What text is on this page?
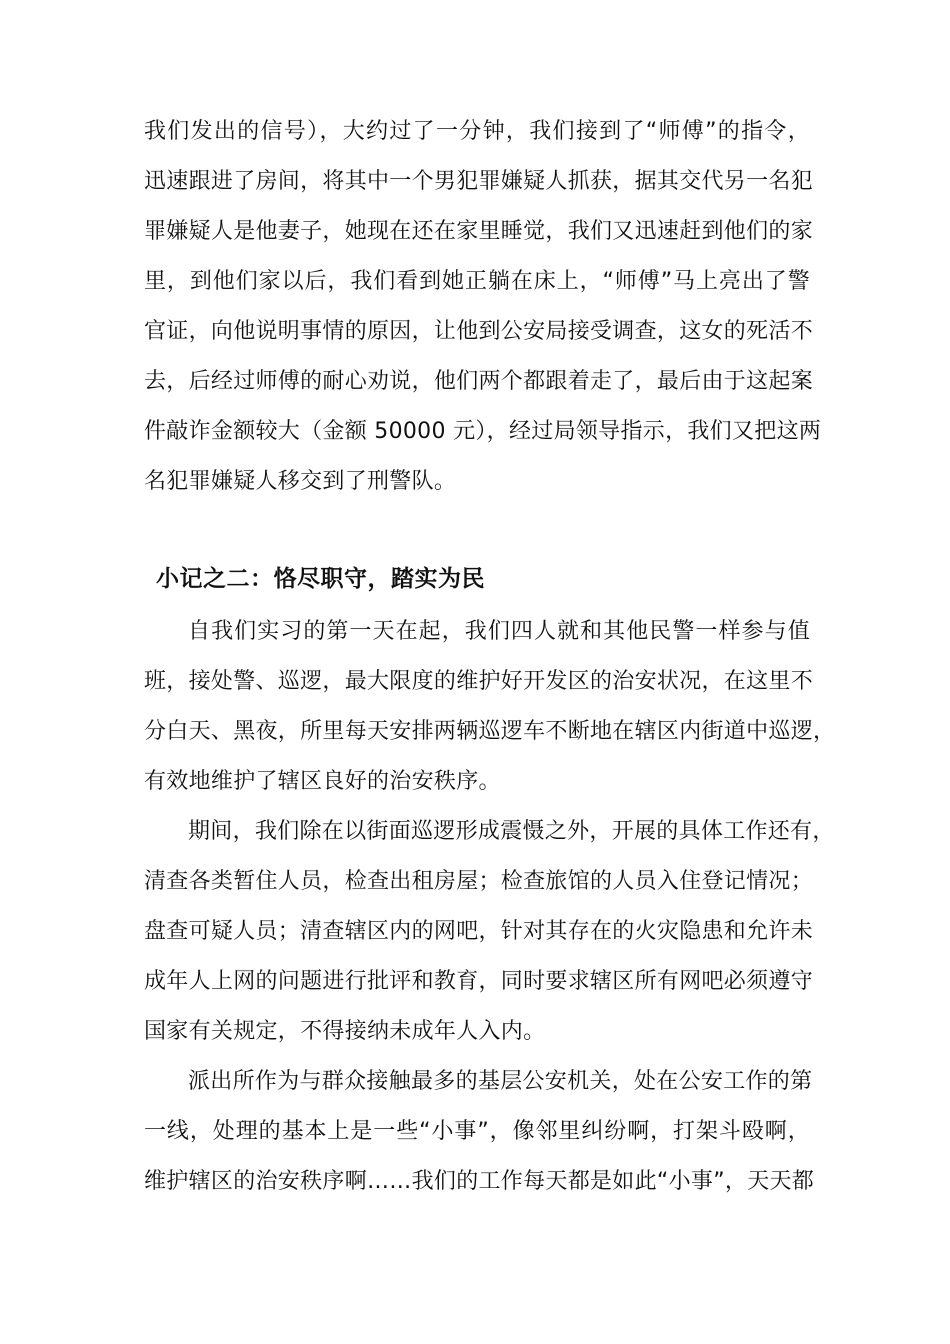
我们发出的信号），大约过了一分钟，我们接到了“师傅”的指令，
迅速跟进了房间，将其中一个男犯罪嫌疑人抓获，据其交代另一名犯
罪嫌疑人是他妻子，她现在还在家里睡觉，我们又迅速赶到他们的家
里，到他们家以后，我们看到她正躺在床上，“师傅”马上亮出了警
官证，向他说明事情的原因，让他到公安局接受调查，这女的死活不
去，后经过师傅的耐心劝说，他们两个都跟着走了，最后由于这起案
件敲诈金额较大（金额 50000 元），经过局领导指示，我们又把这两
名犯罪嫌疑人移交到了刑警队。
小记之二：恪尽职守，踏实为民
自我们实习的第一天在起，我们四人就和其他民警一样参与值
班，接处警、巡逻，最大限度的维护好开发区的治安状况，在这里不
分白天、黑夜，所里每天安排两辆巡逻车不断地在辖区内街道中巡逻，
有效地维护了辖区良好的治安秩序。
期间，我们除在以街面巡逻形成震慑之外，开展的具体工作还有，
清查各类暂住人员，检查出租房屋；检查旅馆的人员入住登记情况；
盘查可疑人员；清查辖区内的网吧，针对其存在的火灾隐患和允许未
成年人上网的问题进行批评和教育，同时要求辖区所有网吧必须遵守
国家有关规定，不得接纳未成年人入内。
派出所作为与群众接触最多的基层公安机关，处在公安工作的第
一线，处理的基本上是一些“小事”，像邻里纠纷啊，打架斗殴啊，
维护辖区的治安秩序啊……我们的工作每天都是如此“小事”，天天都
